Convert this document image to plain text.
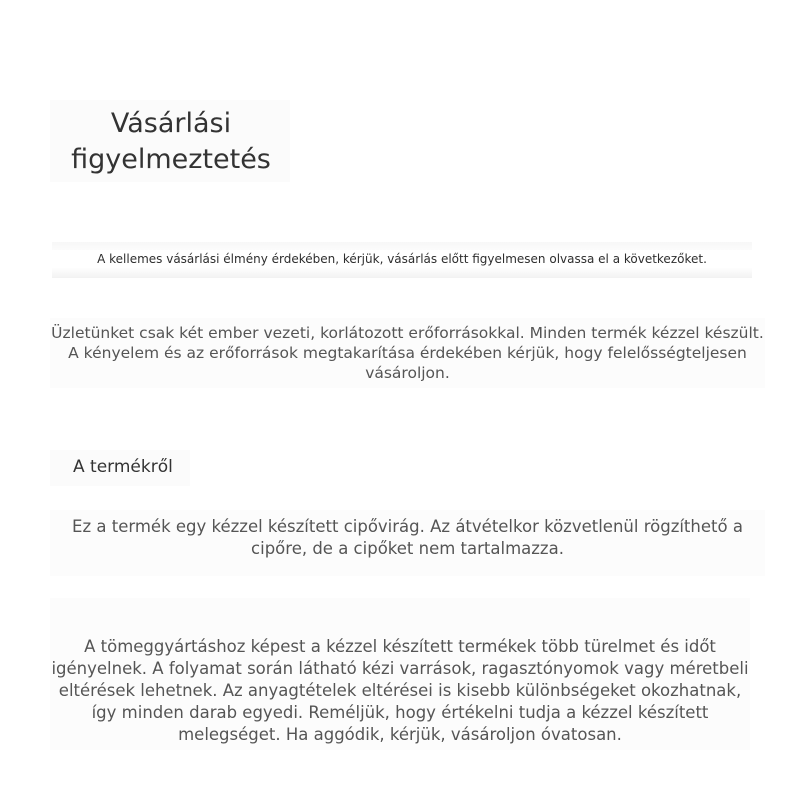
Vásárlási figyelmeztetés
A kellemes vásárlási élmény érdekében, kérjük, vásárlás előtt figyelmesen olvassa el a következőket.
Üzletünket csak két ember vezeti, korlátozott erőforrásokkal. Minden termék kézzel készült. A kényelem és az erőforrások megtakarítása érdekében kérjük, hogy felelősségteljesen vásároljon.
A termékről
Ez a termék egy kézzel készített cipővirág. Az átvételkor közvetlenül rögzíthető a cipőre, de a cipőket nem tartalmazza.
A tömeggyártáshoz képest a kézzel készített termékek több türelmet és időt igényelnek. A folyamat során látható kézi varrások, ragasztónyomok vagy méretbeli eltérések lehetnek. Az anyagtételek eltérései is kisebb különbségeket okozhatnak, így minden darab egyedi. Reméljük, hogy értékelni tudja a kézzel készített melegséget. Ha aggódik, kérjük, vásároljon óvatosan.
